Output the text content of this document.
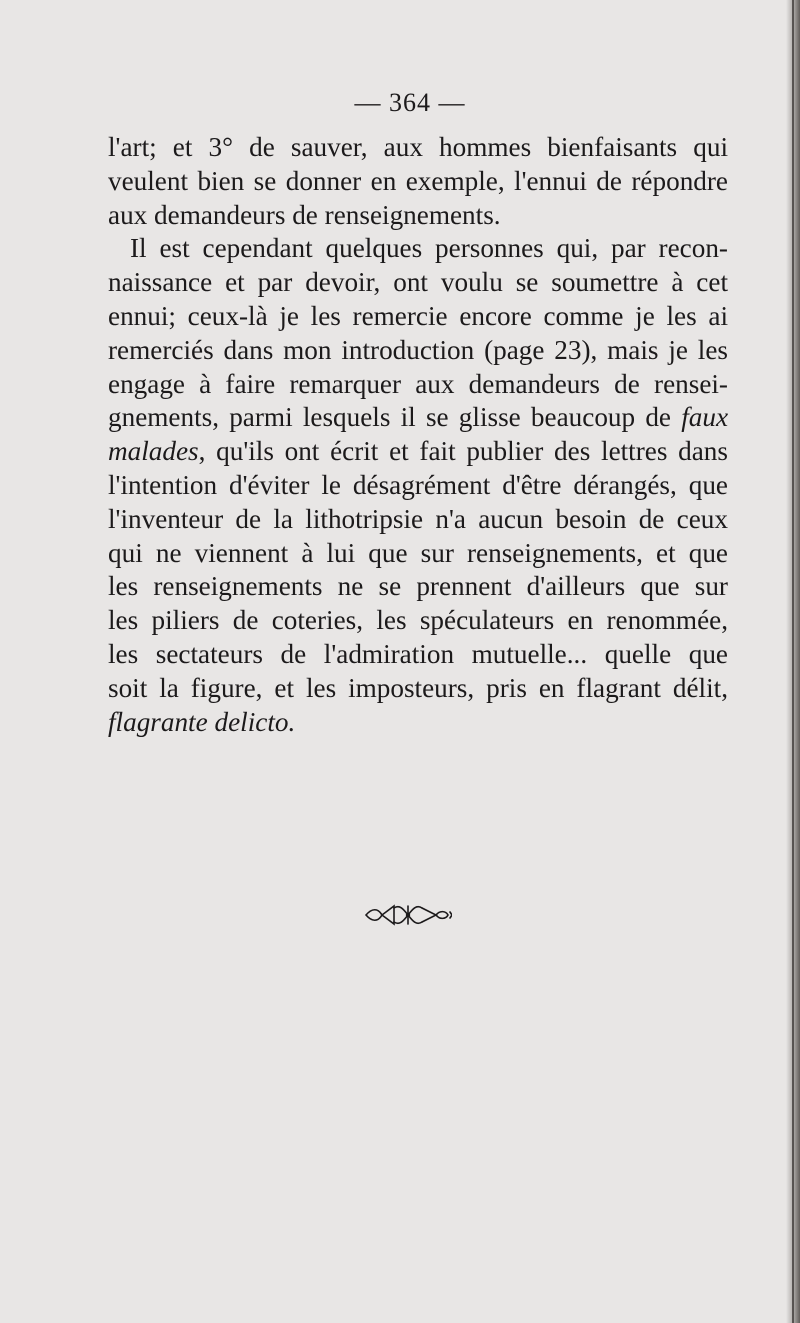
— 364 —
l'art; et 3° de sauver, aux hommes bienfaisants qui
veulent bien se donner en exemple, l'ennui de répondre
aux demandeurs de renseignements.
Il est cependant quelques personnes qui, par recon-
naissance et par devoir, ont voulu se soumettre à cet
ennui; ceux-là je les remercie encore comme je les ai
remerciés dans mon introduction (page 23), mais je les
engage à faire remarquer aux demandeurs de rensei-
gnements, parmi lesquels il se glisse beaucoup de faux
malades, qu'ils ont écrit et fait publier des lettres dans
l'intention d'éviter le désagrément d'être dérangés, que
l'inventeur de la lithotripsie n'a aucun besoin de ceux
qui ne viennent à lui que sur renseignements, et que
les renseignements ne se prennent d'ailleurs que sur
les piliers de coteries, les spéculateurs en renommée,
les sectateurs de l'admiration mutuelle... quelle que
soit la figure, et les imposteurs, pris en flagrant délit,
flagrante delicto.
